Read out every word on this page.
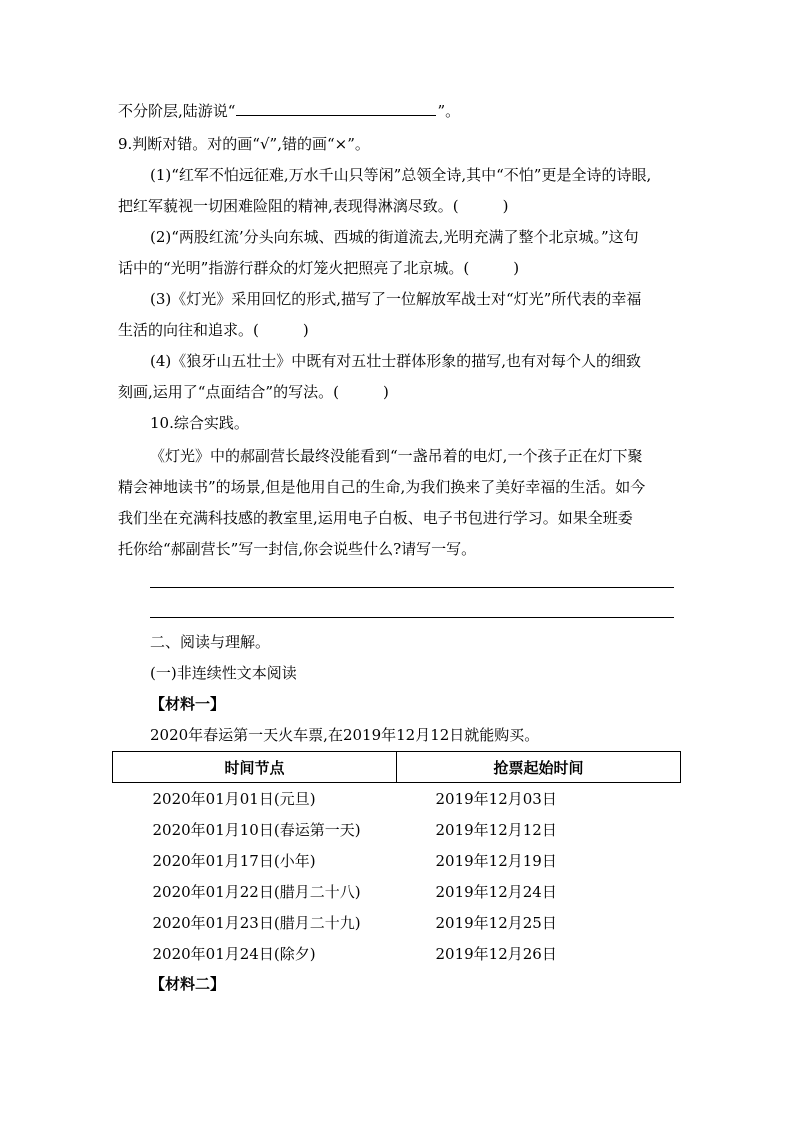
不分阶层,陆游说“	”。
9.判断对错。对的画“√”,错的画“×”。
(1)“红军不怕远征难,万水千山只等闲”总领全诗,其中“不怕”更是全诗的诗眼,
把红军藐视一切困难险阻的精神,表现得淋漓尽致。(	)
(2)“两股红流’分头向东城、西城的街道流去,光明充满了整个北京城。”这句
话中的“光明”指游行群众的灯笼火把照亮了北京城。(	)
(3)《灯光》采用回忆的形式,描写了一位解放军战士对“灯光”所代表的幸福
生活的向往和追求。(	)
(4)《狼牙山五壮士》中既有对五壮士群体形象的描写,也有对每个人的细致
刻画,运用了“点面结合”的写法。(	)
10.综合实践。
《灯光》中的郝副营长最终没能看到“一盏吊着的电灯,一个孩子正在灯下聚
精会神地读书”的场景,但是他用自己的生命,为我们换来了美好幸福的生活。如今
我们坐在充满科技感的教室里,运用电子白板、电子书包进行学习。如果全班委
托你给“郝副营长”写一封信,你会说些什么?请写一写。
二、阅读与理解。
(一)非连续性文本阅读
【材料一】
2020年春运第一天火车票,在2019年12月12日就能购买。
时间节点	抢票起始时间
2020年01月01日(元旦)	2019年12月03日
2020年01月10日(春运第一天)	2019年12月12日
2020年01月17日(小年)	2019年12月19日
2020年01月22日(腊月二十八)	2019年12月24日
2020年01月23日(腊月二十九)	2019年12月25日
2020年01月24日(除夕)	2019年12月26日
【材料二】
